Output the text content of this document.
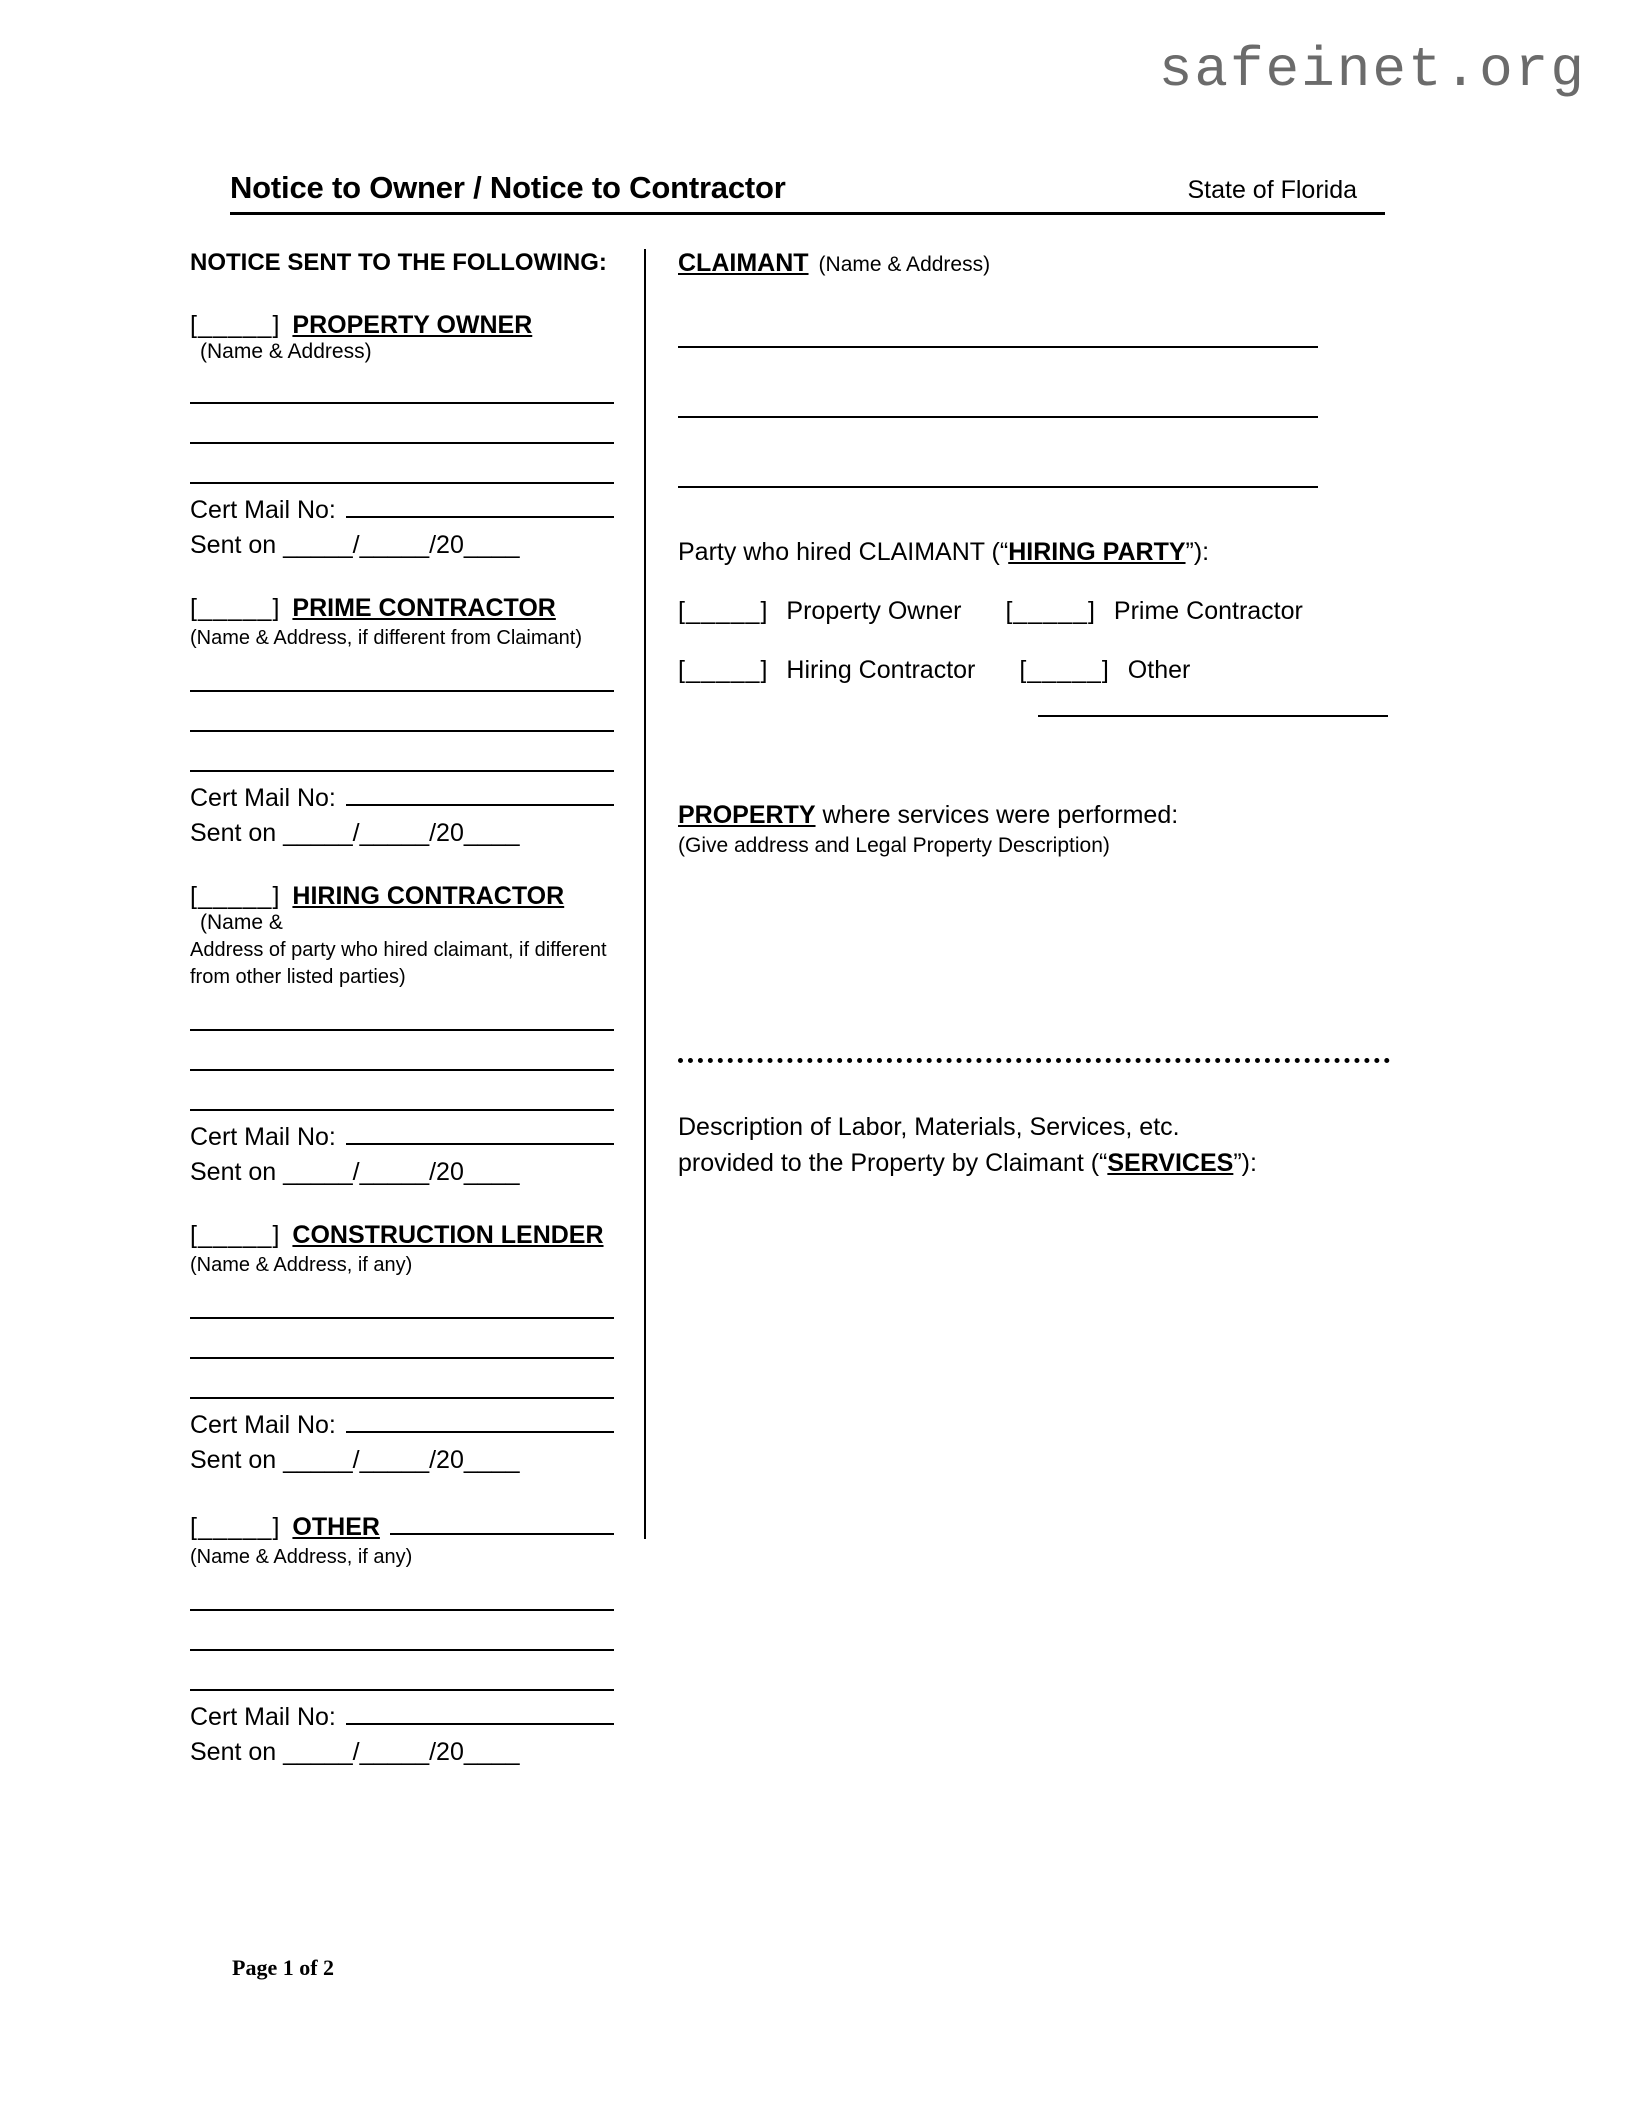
safeinet.org
Notice to Owner / Notice to Contractor	State of Florida
NOTICE SENT TO THE FOLLOWING:
[_____] PROPERTY OWNER
(Name & Address)
Cert Mail No:
Sent on _____/_____/20____
[_____] PRIME CONTRACTOR
(Name & Address, if different from Claimant)
Cert Mail No:
Sent on _____/_____/20____
[_____] HIRING CONTRACTOR
(Name &
Address of party who hired claimant, if different from other listed parties)
Cert Mail No:
Sent on _____/_____/20____
[_____] CONSTRUCTION LENDER
(Name & Address, if any)
Cert Mail No:
Sent on _____/_____/20____
[_____] OTHER
(Name & Address, if any)
Cert Mail No:
Sent on _____/_____/20____
CLAIMANT (Name & Address)
Party who hired CLAIMANT (“HIRING PARTY”):
[_____] Property Owner [_____] Prime Contractor
[_____] Hiring Contractor [_____] Other
PROPERTY where services were performed:
(Give address and Legal Property Description)
Description of Labor, Materials, Services, etc.
provided to the Property by Claimant (“SERVICES”):
Page 1 of 2
